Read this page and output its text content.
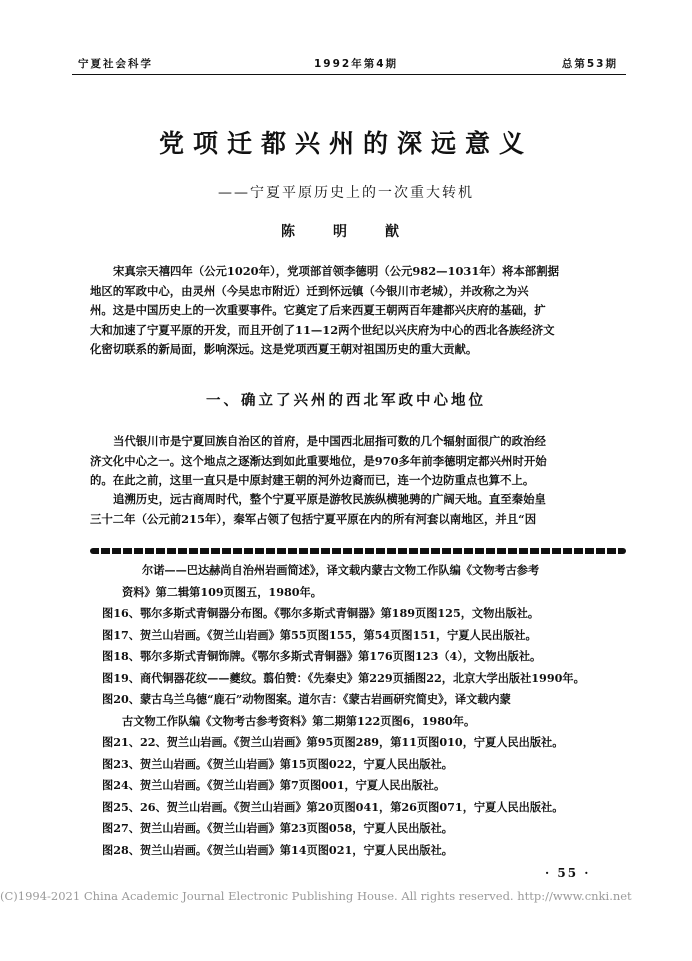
宁夏社会科学	1992年第4期	总第53期
党项迁都兴州的深远意义
——宁夏平原历史上的一次重大转机
陈　明　猷
宋真宗天禧四年（公元1020年），党项部首领李德明（公元982—1031年）将本部割据
地区的军政中心，由灵州（今吴忠市附近）迁到怀远镇（今银川市老城），并改称之为兴
州。这是中国历史上的一次重要事件。它奠定了后来西夏王朝两百年建都兴庆府的基础，扩
大和加速了宁夏平原的开发，而且开创了11—12两个世纪以兴庆府为中心的西北各族经济文
化密切联系的新局面，影响深远。这是党项西夏王朝对祖国历史的重大贡献。
一、确立了兴州的西北军政中心地位
当代银川市是宁夏回族自治区的首府，是中国西北屈指可数的几个辐射面很广的政治经
济文化中心之一。这个地点之逐渐达到如此重要地位，是970多年前李德明定都兴州时开始
的。在此之前，这里一直只是中原封建王朝的河外边裔而已，连一个边防重点也算不上。
追溯历史，远古商周时代，整个宁夏平原是游牧民族纵横驰骋的广阔天地。直至秦始皇
三十二年（公元前215年），秦军占领了包括宁夏平原在内的所有河套以南地区，并且“因
尔诺——巴达赫尚自治州岩画简述》，译文载内蒙古文物工作队编《文物考古参考
资料》第二辑第109页图五，1980年。
图16、鄂尔多斯式青铜器分布图。《鄂尔多斯式青铜器》第189页图125，文物出版社。
图17、贺兰山岩画。《贺兰山岩画》第55页图155，第54页图151，宁夏人民出版社。
图18、鄂尔多斯式青铜饰牌。《鄂尔多斯式青铜器》第176页图123（4），文物出版社。
图19、商代铜器花纹——夔纹。翦伯赞：《先秦史》第229页插图22，北京大学出版社1990年。
图20、蒙古乌兰乌德“鹿石”动物图案。道尔吉：《蒙古岩画研究简史》，译文载内蒙
古文物工作队编《文物考古参考资料》第二期第122页图6，1980年。
图21、22、贺兰山岩画。《贺兰山岩画》第95页图289，第11页图010，宁夏人民出版社。
图23、贺兰山岩画。《贺兰山岩画》第15页图022，宁夏人民出版社。
图24、贺兰山岩画。《贺兰山岩画》第7页图001，宁夏人民出版社。
图25、26、贺兰山岩画。《贺兰山岩画》第20页图041，第26页图071，宁夏人民出版社。
图27、贺兰山岩画。《贺兰山岩画》第23页图058，宁夏人民出版社。
图28、贺兰山岩画。《贺兰山岩画》第14页图021，宁夏人民出版社。
· 55 ·
(C)1994-2021 China Academic Journal Electronic Publishing House. All rights reserved. http://www.cnki.net
